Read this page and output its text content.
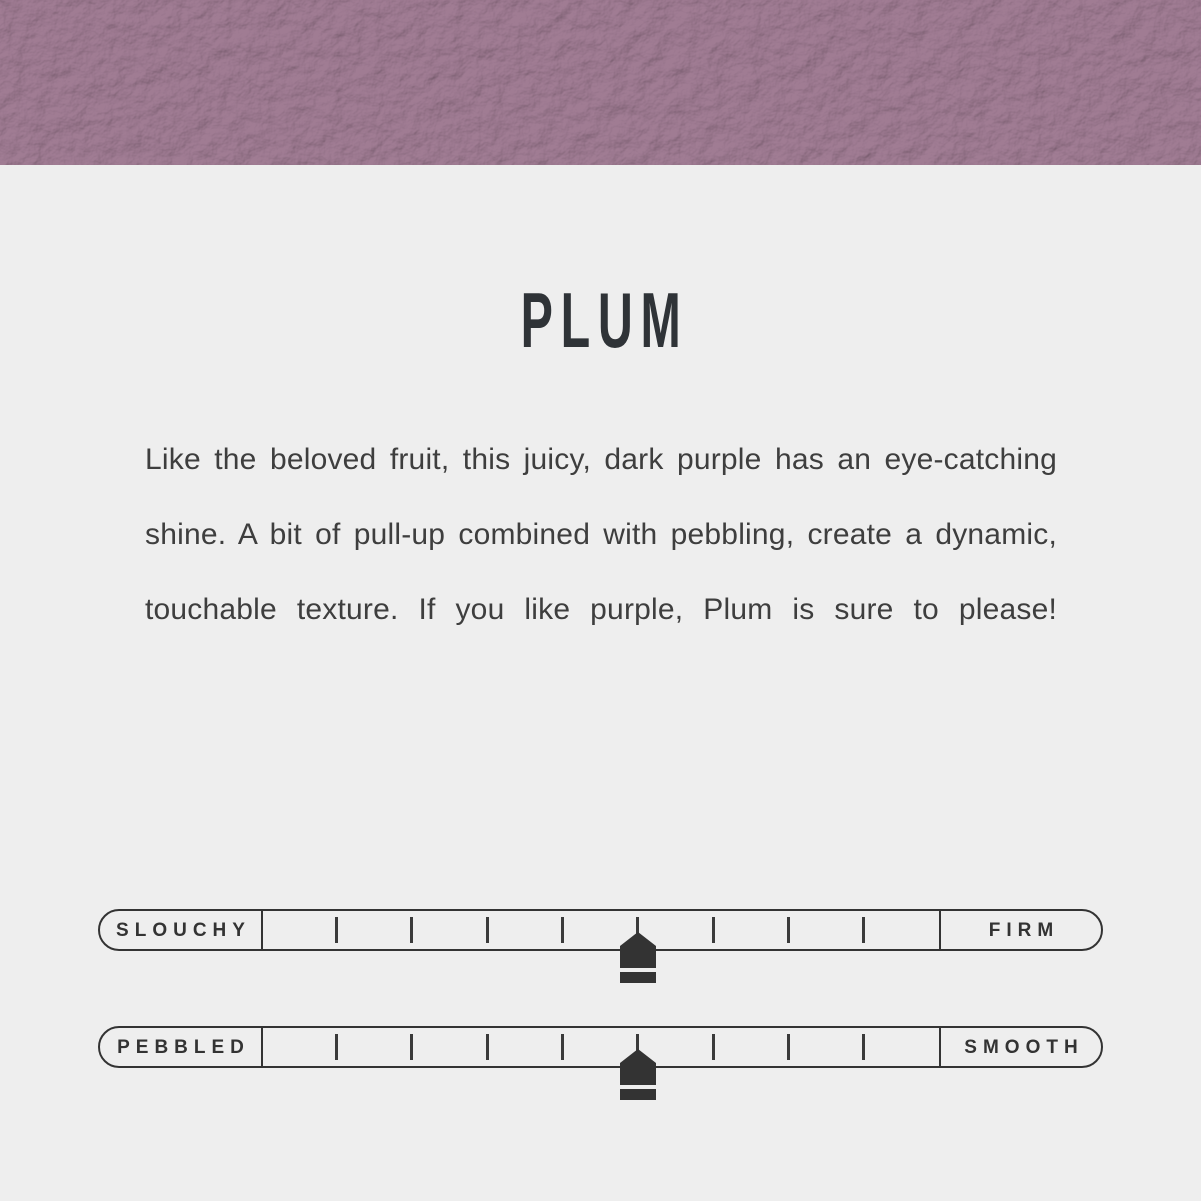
PLUM
Like the beloved fruit, this juicy, dark purple has an eye-catching
shine. A bit of pull-up combined with pebbling, create a dynamic,
touchable texture. If you like purple, Plum is sure to please!
SLOUCHY	FIRM
PEBBLED	SMOOTH
